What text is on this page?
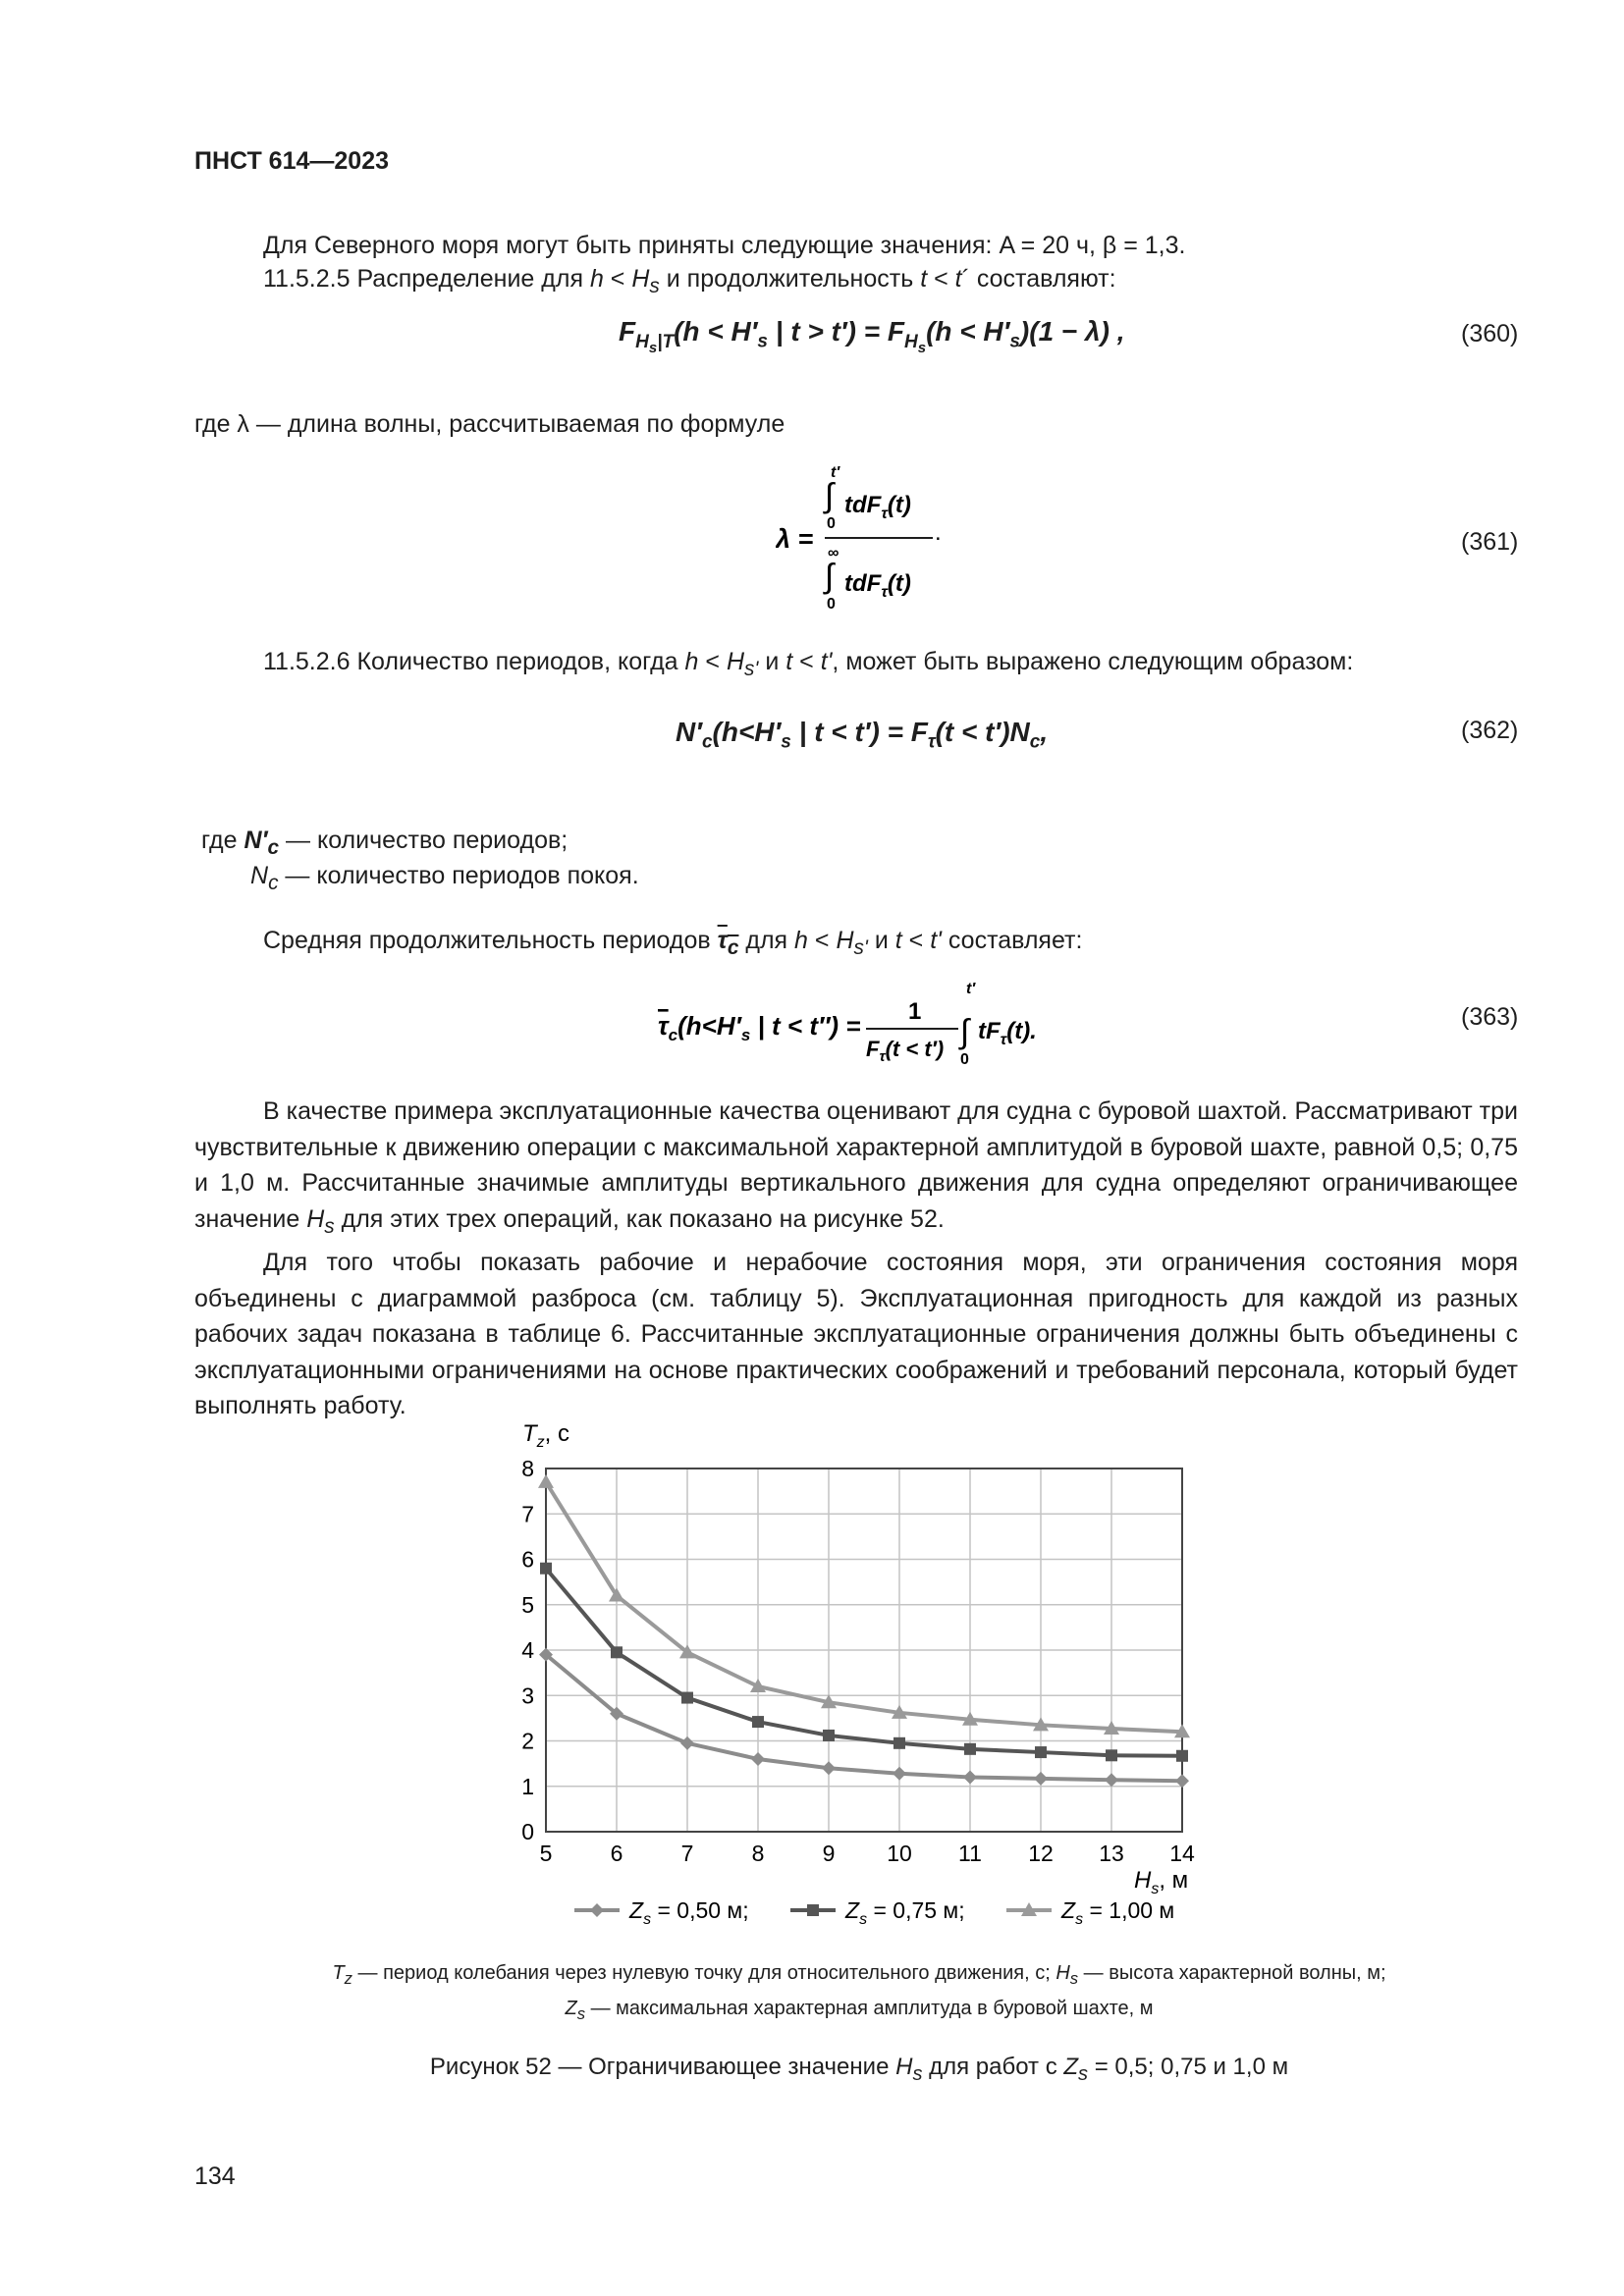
ПНСТ 614—2023
Для Северного моря могут быть приняты следующие значения: A = 20 ч, β = 1,3.
11.5.2.5 Распределение для $h < H_s$ и продолжительность t < t´ составляют:
$F_{H_s|T}(h < H'_s$ | $t > t') = F_{H_s}(h < H'_s)(1 - \lambda)$ ,	(360)
где λ — длина волны, рассчитываемая по формуле
λ =
t′
∫
0
tdF$_\tau$(t)
.
∞
∫
0
tdF$_\tau$(t)
(361)
11.5.2.6 Количество периодов, когда $h < H_{s'}$ и t < t', может быть выражено следующим образом:
$N'_c(h<H'_s$ | $t < t') = F_\tau(t < t')N_c$,	(362)
где $N'_c$ — количество периодов;
$N_c$ — количество периодов покоя.
Средняя продолжительность периодов $\tau_c$ для $h < H_{s'}$ и t < t' составляет:
$\tau_c(h<H'_s$ | t < t″) = 1
$F_\tau(t < t')$
t′
∫
0
$tF_\tau(t)$.
(363)

В качестве примера эксплуатационные качества оценивают для судна с буровой шахтой. Рассматривают три чувствительные к движению операции с максимальной характерной амплитудой в буровой шахте, равной 0,5; 0,75 и 1,0 м. Рассчитанные значимые амплитуды вертикального движения для судна определяют ограничивающее значение $H_s$ для этих трех операций, как показано на рисунке 52.

Для того чтобы показать рабочие и нерабочие состояния моря, эти ограничения состояния моря объединены с диаграммой разброса (см. таблицу 5). Эксплуатационная пригодность для каждой из разных рабочих задач показана в таблице 6. Рассчитанные эксплуатационные ограничения должны быть объединены с эксплуатационными ограничениями на основе практических соображений и требований персонала, который будет выполнять работу.

0
1
2
3
4
5
6
7
8
5	6	7	8	9 10 11 12 13 14
$T_z$, с
$H_s$, м
$Z_s = 0,50$ м;	$Z_s = 0,75$ м;	$Z_s = 1,00$ м
$T_z$ — период колебания через нулевую точку для относительного движения, с; $H_s$ — высота характерной волны, м;
$Z_s$ — максимальная характерная амплитуда в буровой шахте, м
Рисунок 52 — Ограничивающее значение $H_s$ для работ с $Z_s = 0,5$; 0,75 и 1,0 м
134
